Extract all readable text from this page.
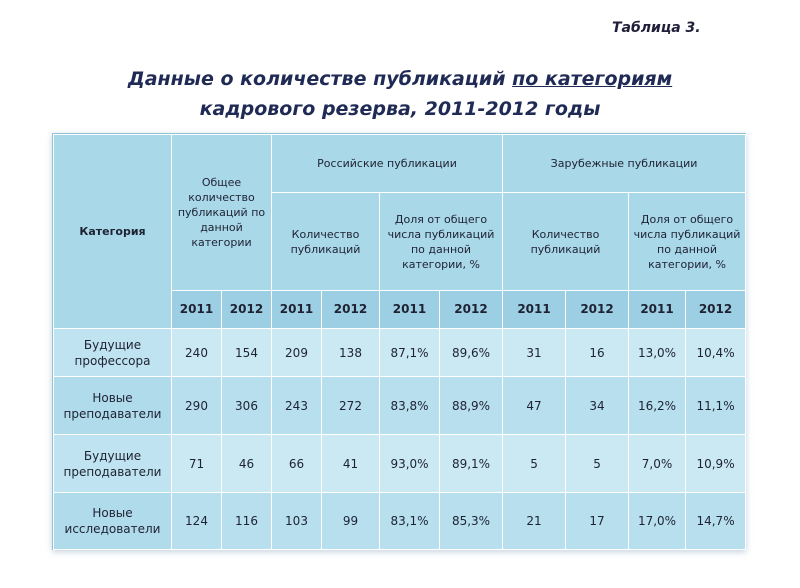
Таблица 3.
Данные о количестве публикаций по категориям
кадрового резерва, 2011-2012 годы
Категория	Общее количество публикаций по данной категории		Российские публикации				Зарубежные публикации			
			Количество публикаций		Доля от общего числа публикаций по данной категории, %		Количество публикаций		Доля от общего числа публикаций по данной категории, %	
	2011	2012	2011	2012	2011	2012	2011	2012	2011	2012
Будущие профессора	240	154	209	138	87,1%	89,6%	31	16	13,0%	10,4%
Новые преподаватели	290	306	243	272	83,8%	88,9%	47	34	16,2%	11,1%
Будущие преподаватели	71	46	66	41	93,0%	89,1%	5	5	7,0%	10,9%
Новые исследователи	124	116	103	99	83,1%	85,3%	21	17	17,0%	14,7%
